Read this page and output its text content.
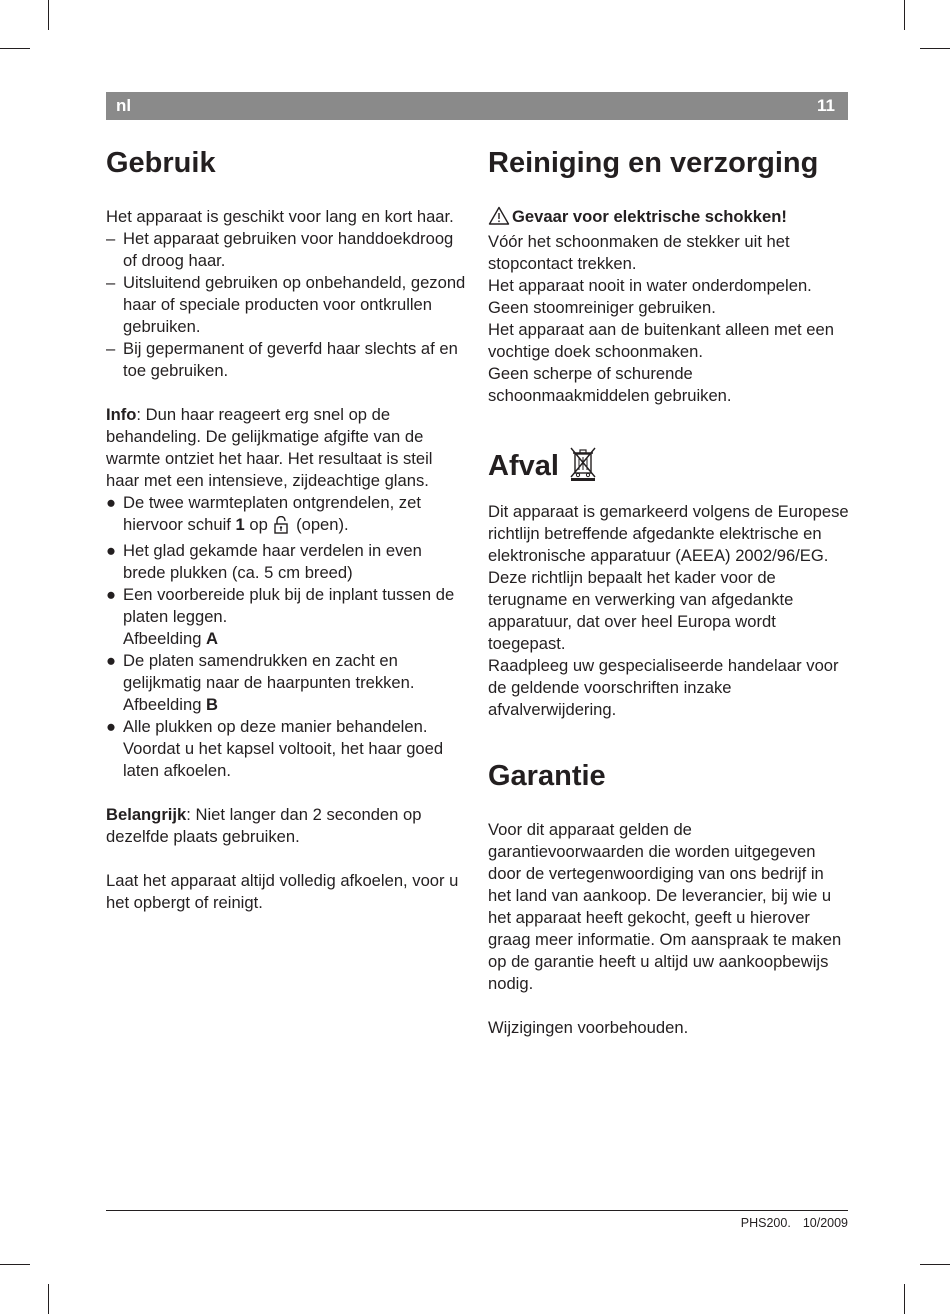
nl	11
Gebruik

Het apparaat is geschikt voor lang en kort haar.

– Het apparaat gebruiken voor handdoekdroog of droog haar.
– Uitsluitend gebruiken op onbehandeld, gezond haar of speciale producten voor ontkrullen gebruiken.
– Bij gepermanent of geverfd haar slechts af en toe gebruiken.

Info: Dun haar reageert erg snel op de behandeling. De gelijkmatige afgifte van de warmte ontziet het haar. Het resultaat is steil haar met een intensieve, zijdeachtige glans.

● De twee warmteplaten ontgrendelen, zet hiervoor schuif 1 op  (open).
● Het glad gekamde haar verdelen in even brede plukken (ca. 5 cm breed)
● Een voorbereide pluk bij de inplant tussen de platen leggen.
Afbeelding A
● De platen samendrukken en zacht en gelijkmatig naar de haarpunten trekken.
Afbeelding B
● Alle plukken op deze manier behandelen. Voordat u het kapsel voltooit, het haar goed laten afkoelen.

Belangrijk: Niet langer dan 2 seconden op dezelfde plaats gebruiken.

Laat het apparaat altijd volledig afkoelen, voor u het opbergt of reinigt.

Reiniging en verzorging

Gevaar voor elektrische schokken!

Vóór het schoonmaken de stekker uit het stopcontact trekken.

Het apparaat nooit in water onderdompelen.

Geen stoomreiniger gebruiken.

Het apparaat aan de buitenkant alleen met een vochtige doek schoonmaken.

Geen scherpe of schurende schoonmaakmiddelen gebruiken.

Afval

Dit apparaat is gemarkeerd volgens de Europese richtlijn betreffende afgedankte elektrische en elektronische apparatuur (AEEA) 2002/96/EG. Deze richtlijn bepaalt het kader voor de terugname en verwerking van afgedankte apparatuur, dat over heel Europa wordt toegepast.

Raadpleeg uw gespecialiseerde handelaar voor de geldende voorschriften inzake afvalverwijdering.

Garantie

Voor dit apparaat gelden de garantievoorwaarden die worden uitgegeven door de vertegenwoordiging van ons bedrijf in het land van aankoop. De leverancier, bij wie u het apparaat heeft gekocht, geeft u hierover graag meer informatie. Om aanspraak te maken op de garantie heeft u altijd uw aankoopbewijs nodig.

Wijzigingen voorbehouden.

PHS200. 10/2009
